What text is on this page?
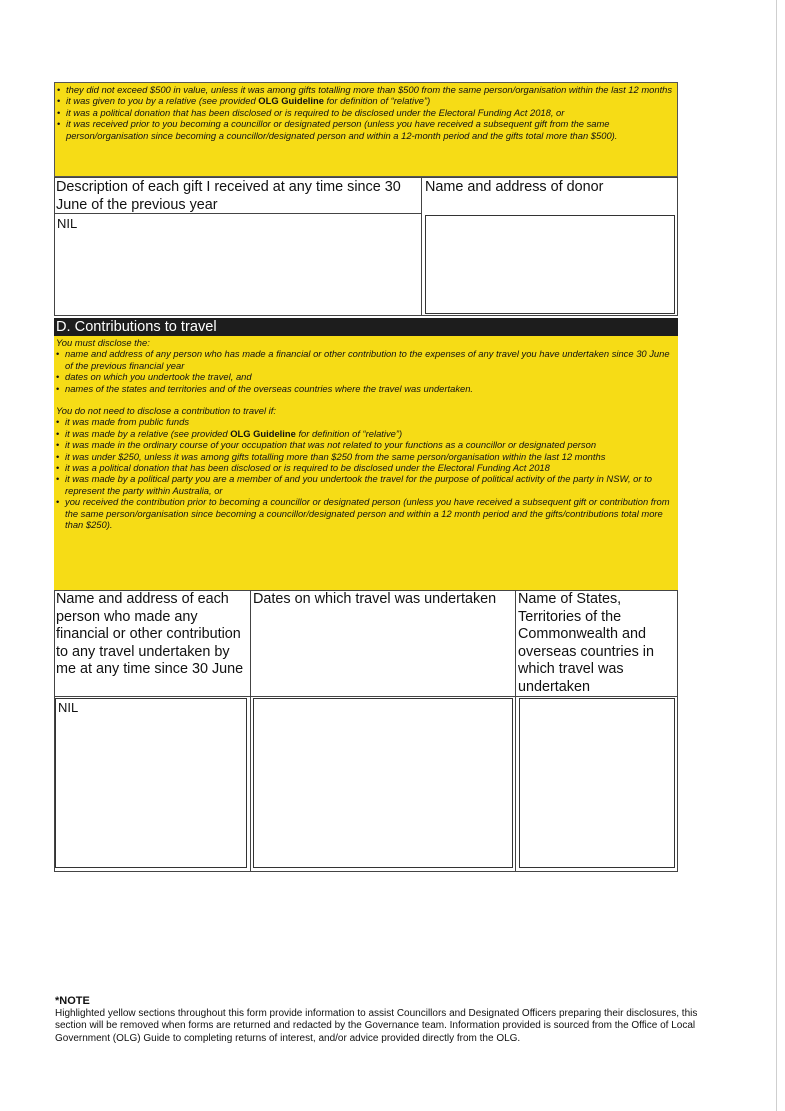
• they did not exceed $500 in value, unless it was among gifts totalling more than $500 from the same person/organisation within the last 12 months
• it was given to you by a relative (see provided OLG Guideline for definition of “relative”)
• it was a political donation that has been disclosed or is required to be disclosed under the Electoral Funding Act 2018, or
• it was received prior to you becoming a councillor or designated person (unless you have received a subsequent gift from the same person/organisation since becoming a councillor/designated person and within a 12-month period and the gifts total more than $500).
Description of each gift I received at any time since 30 June of the previous year
Name and address of donor
NIL
D. Contributions to travel

You must disclose the:

• name and address of any person who has made a financial or other contribution to the expenses of any travel you have undertaken since 30 June of the previous financial year
• dates on which you undertook the travel, and
• names of the states and territories and of the overseas countries where the travel was undertaken.

You do not need to disclose a contribution to travel if:

• it was made from public funds
• it was made by a relative (see provided OLG Guideline for definition of “relative”)
• it was made in the ordinary course of your occupation that was not related to your functions as a councillor or designated person
• it was under $250, unless it was among gifts totalling more than $250 from the same person/organisation within the last 12 months
• it was a political donation that has been disclosed or is required to be disclosed under the Electoral Funding Act 2018
• it was made by a political party you are a member of and you undertook the travel for the purpose of political activity of the party in NSW, or to represent the party within Australia, or
• you received the contribution prior to becoming a councillor or designated person (unless you have received a subsequent gift or contribution from the same person/organisation since becoming a councillor/designated person and within a 12 month period and the gifts/contributions total more than $250).
Name and address of each person who made any financial or other contribution to any travel undertaken by me at any time since 30 June
Dates on which travel was undertaken	Name of States, Territories of the Commonwealth and overseas countries in which travel was undertaken
NIL
*NOTE
Highlighted yellow sections throughout this form provide information to assist Councillors and Designated Officers preparing their disclosures, this section will be removed when forms are returned and redacted by the Governance team. Information provided is sourced from the Office of Local Government (OLG) Guide to completing returns of interest, and/or advice provided directly from the OLG.
